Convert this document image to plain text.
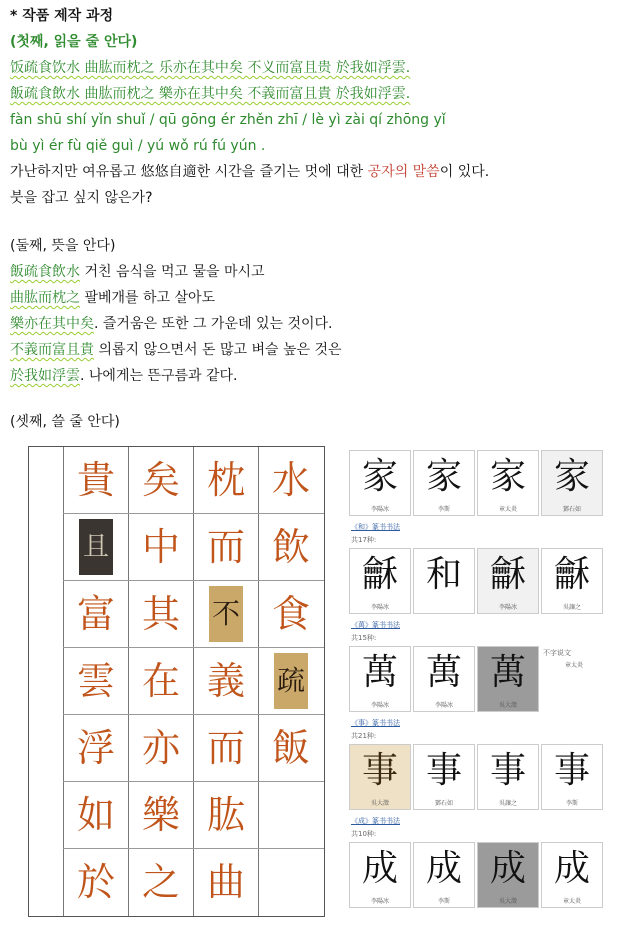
* 작품 제작 과정
(첫째, 읽을 줄 안다)
饭疏食饮水 曲肱而枕之 乐亦在其中矣 不义而富且贵 於我如浮雲.
飯疏食飲水 曲肱而枕之 樂亦在其中矣 不義而富且貴 於我如浮雲.
fàn shū shí yǐn shuǐ / qū gōng ér zhěn zhī / lè yì zài qí zhōng yǐ
bù yì ér fù qiě guì / yú wǒ rú fú yún .
가난하지만 여유롭고 悠悠自適한 시간을 즐기는 멋에 대한 공자의 말씀이 있다.
붓을 잡고 싶지 않은가?
(둘째, 뜻을 안다)
飯疏食飲水 거친 음식을 먹고 물을 마시고
曲肱而枕之 팔베개를 하고 살아도
樂亦在其中矣. 즐거움은 또한 그 가운데 있는 것이다.
不義而富且貴 의롭지 않으면서 돈 많고 벼슬 높은 것은
於我如浮雲. 나에게는 뜬구름과 같다.
(셋째, 쓸 줄 안다)
貴
且
富
雲
浮
如
於
矣
中
其
在
亦
樂
之
枕
而
不
義
而
肱
曲
水
飲
食
疏
飯
家
李陽冰
家
李斯
家
章太炎
家
鄧石如
《和》篆书书法
共17种:
龢
李陽冰
和 龢
李陽冰
龢
吳讓之
《萬》篆书书法
共15种:
萬
李陽冰
萬
李陽冰
萬
吳大澂
不字说文
章太炎
《事》篆书书法
共21种:
事
吳大澂
事
鄧石如
事
吳讓之
事
李斯
《成》篆书书法
共10种:
成
李陽冰
成
李斯
成
吳大澂
成
章太炎
